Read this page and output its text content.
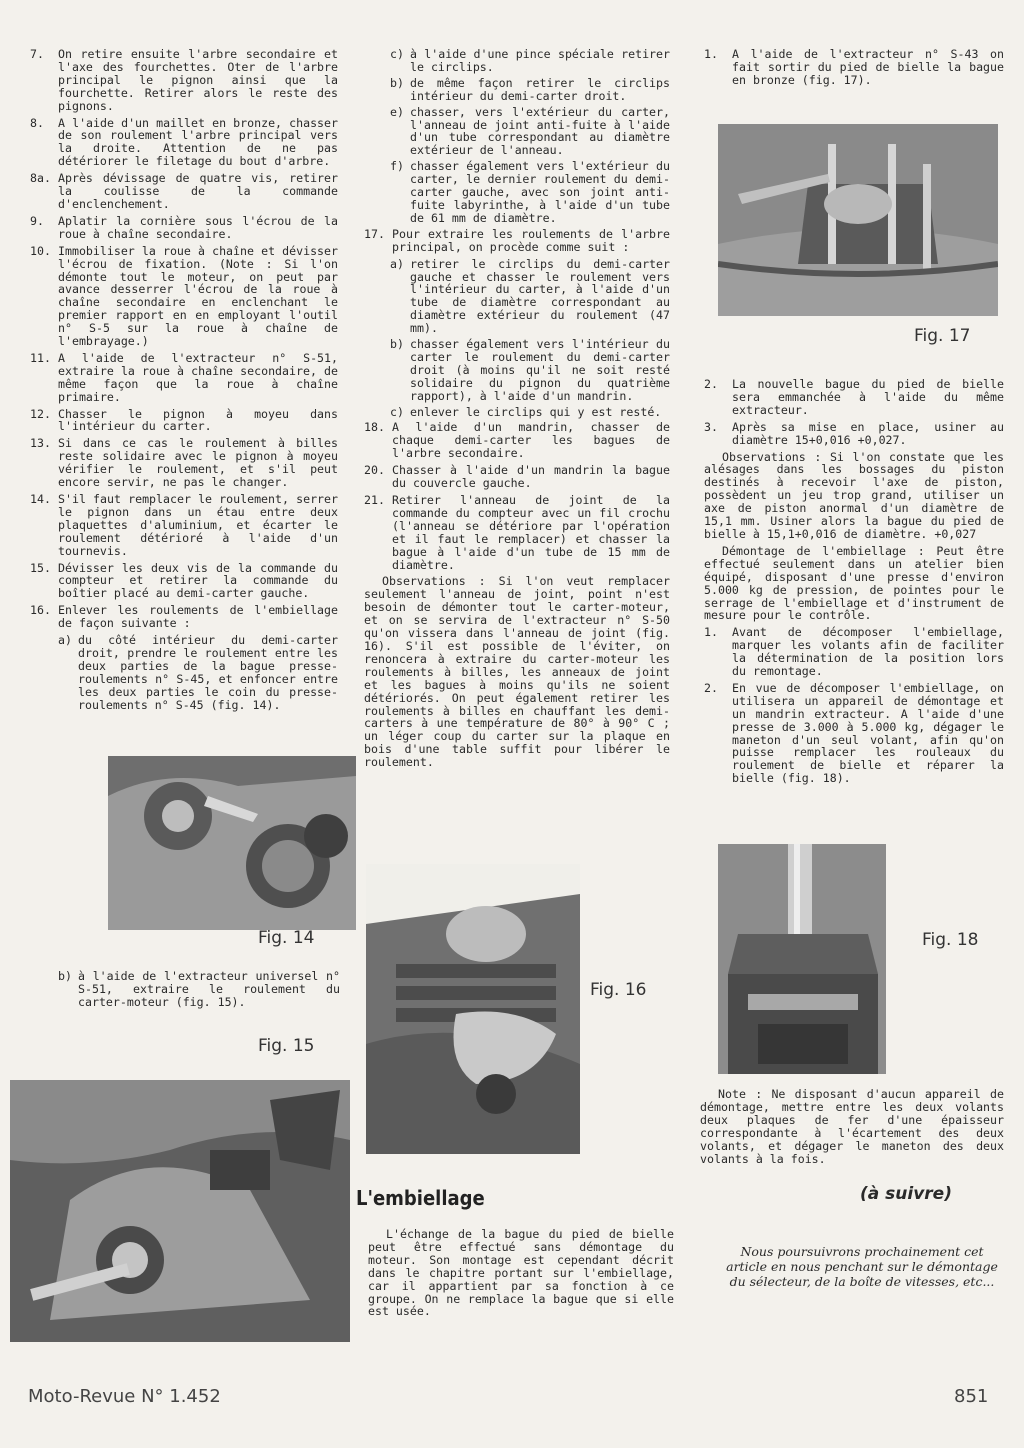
7.	On retire ensuite l'arbre secondaire et l'axe des fourchettes. Oter de l'arbre principal le pignon ainsi que la fourchette. Retirer alors le reste des pignons.
8.	A l'aide d'un maillet en bronze, chasser de son roulement l'arbre principal vers la droite. Attention de ne pas détériorer le filetage du bout d'arbre.
8a. Après dévissage de quatre vis, retirer la coulisse de la commande d'enclenchement.
9.	Aplatir la cornière sous l'écrou de la roue à chaîne secondaire.
10. Immobiliser la roue à chaîne et dévisser l'écrou de fixation. (Note : Si l'on démonte tout le moteur, on peut par avance desserrer l'écrou de la roue à chaîne secondaire en enclenchant le premier rapport en en employant l'outil n° S-5 sur la roue à chaîne de l'embrayage.)
11. A l'aide de l'extracteur n° S-51, extraire la roue à chaîne secondaire, de même façon que la roue à chaîne primaire.
12. Chasser le pignon à moyeu dans l'intérieur du carter.
13. Si dans ce cas le roulement à billes reste solidaire avec le pignon à moyeu vérifier le roulement, et s'il peut encore servir, ne pas le changer.
14. S'il faut remplacer le roulement, serrer le pignon dans un étau entre deux plaquettes d'aluminium, et écarter le roulement détérioré à l'aide d'un tournevis.
15. Dévisser les deux vis de la commande du compteur et retirer la commande du boîtier placé au demi-carter gauche.
16. Enlever les roulements de l'embiellage de façon suivante :
a) du côté intérieur du demi-carter droit, prendre le roulement entre les deux parties de la bague presse-roulements n° S-45, et enfoncer entre les deux parties le coin du presse-roulements n° S-45 (fig. 14).
Fig. 14
b) à l'aide de l'extracteur universel n° S-51, extraire le roulement du carter-moteur (fig. 15).
Fig. 15
c) à l'aide d'une pince spéciale retirer le circlips.
b) de même façon retirer le circlips intérieur du demi-carter droit.
e) chasser, vers l'extérieur du carter, l'anneau de joint anti-fuite à l'aide d'un tube correspondant au diamètre extérieur de l'anneau.
f) chasser également vers l'extérieur du carter, le dernier roulement du demi-carter gauche, avec son joint anti-fuite labyrinthe, à l'aide d'un tube de 61 mm de diamètre.
17. Pour extraire les roulements de l'arbre principal, on procède comme suit :
a) retirer le circlips du demi-carter gauche et chasser le roulement vers l'intérieur du carter, à l'aide d'un tube de diamètre correspondant au diamètre extérieur du roulement (47 mm).
b) chasser également vers l'intérieur du carter le roulement du demi-carter droit (à moins qu'il ne soit resté solidaire du pignon du quatrième rapport), à l'aide d'un mandrin.
c) enlever le circlips qui y est resté.
18. A l'aide d'un mandrin, chasser de chaque demi-carter les bagues de l'arbre secondaire.
20. Chasser à l'aide d'un mandrin la bague du couvercle gauche.
21. Retirer l'anneau de joint de la commande du compteur avec un fil crochu (l'anneau se détériore par l'opération et il faut le remplacer) et chasser la bague à l'aide d'un tube de 15 mm de diamètre.

Observations : Si l'on veut remplacer seulement l'anneau de joint, point n'est besoin de démonter tout le carter-moteur, et on se servira de l'extracteur n° S-50 qu'on vissera dans l'anneau de joint (fig. 16). S'il est possible de l'éviter, on renoncera à extraire du carter-moteur les roulements à billes, les anneaux de joint et les bagues à moins qu'ils ne soient détériorés. On peut également retirer les roulements à billes en chauffant les demi-carters à une température de 80° à 90° C ; un léger coup du carter sur la plaque en bois d'une table suffit pour libérer le roulement.

Fig. 16
L'embiellage

L'échange de la bague du pied de bielle peut être effectué sans démontage du moteur. Son montage est cependant décrit dans le chapitre portant sur l'embiellage, car il appartient par sa fonction à ce groupe. On ne remplace la bague que si elle est usée.

1.	A l'aide de l'extracteur n° S-43 on fait sortir du pied de bielle la bague en bronze (fig. 17).
Fig. 17
2.	La nouvelle bague du pied de bielle sera emmanchée à l'aide du même extracteur.
3.	Après sa mise en place, usiner au diamètre 15+0,016 +0,027.

Observations : Si l'on constate que les alésages dans les bossages du piston destinés à recevoir l'axe de piston, possèdent un jeu trop grand, utiliser un axe de piston anormal d'un diamètre de 15,1 mm. Usiner alors la bague du pied de bielle à 15,1+0,016 de diamètre. +0,027

Démontage de l'embiellage : Peut être effectué seulement dans un atelier bien équipé, disposant d'une presse d'environ 5.000 kg de pression, de pointes pour le serrage de l'embiellage et d'instrument de mesure pour le contrôle.

1.	Avant de décomposer l'embiellage, marquer les volants afin de faciliter la détermination de la position lors du remontage.
2.	En vue de décomposer l'embiellage, on utilisera un appareil de démontage et un mandrin extracteur. A l'aide d'une presse de 3.000 à 5.000 kg, dégager le maneton d'un seul volant, afin qu'on puisse remplacer les rouleaux du roulement de bielle et réparer la bielle (fig. 18).
Fig. 18

Note : Ne disposant d'aucun appareil de démontage, mettre entre les deux volants deux plaques de fer d'une épaisseur correspondante à l'écartement des deux volants, et dégager le maneton des deux volants à la fois.

(à suivre)
Nous poursuivrons prochainement cet article en nous penchant sur le démontage du sélecteur, de la boîte de vitesses, etc...
Moto-Revue N° 1.452	851
